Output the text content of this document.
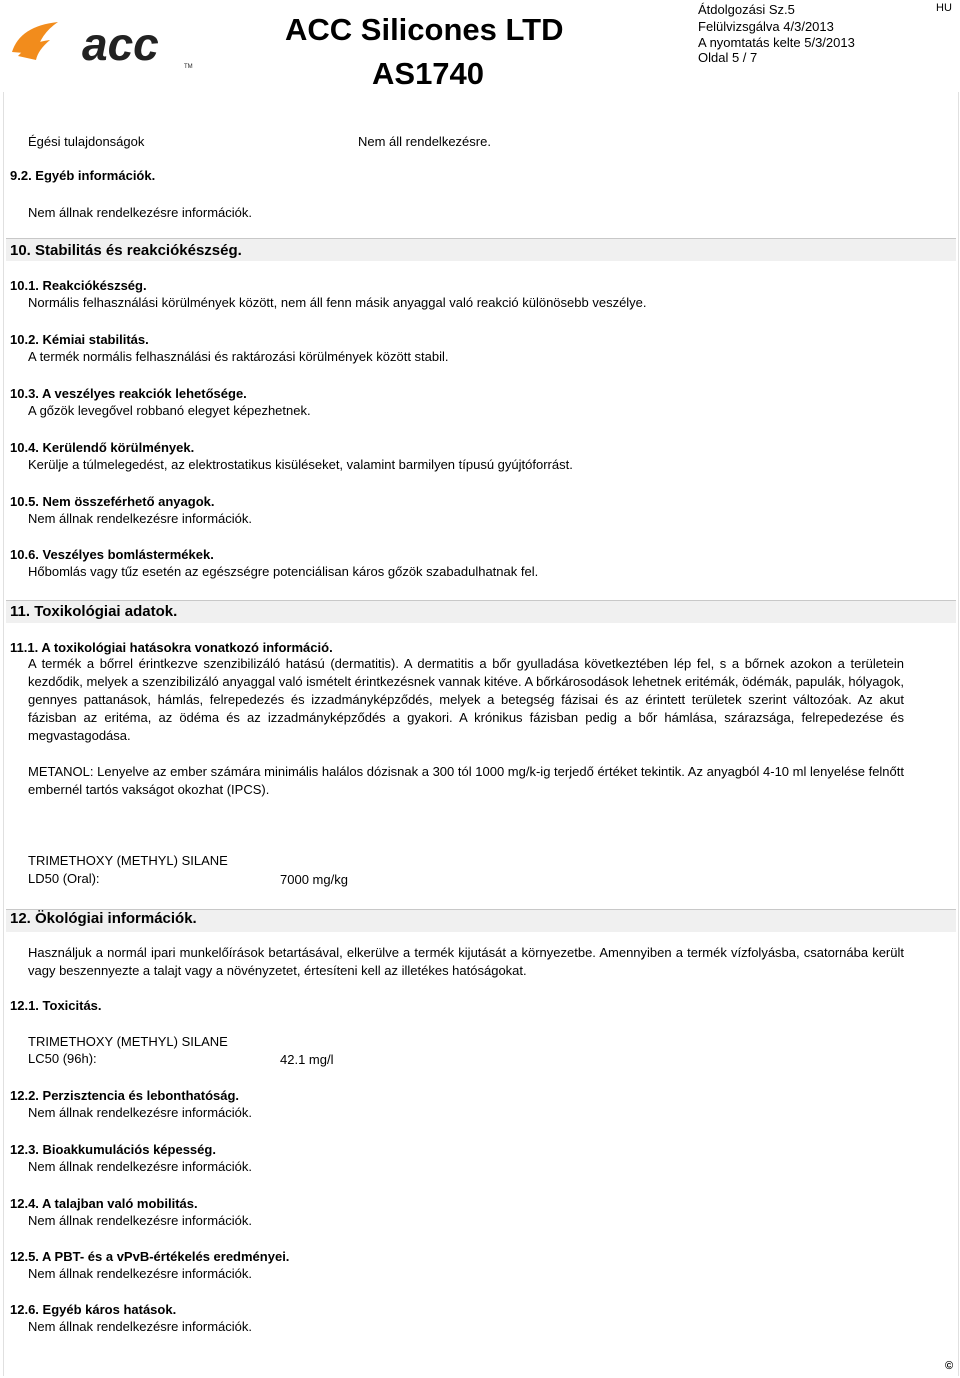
acc	TM
ACC Silicones LTD
AS1740
Átdolgozási Sz.5
Felülvizsgálva 4/3/2013
A nyomtatás kelte 5/3/2013
Oldal 5 / 7
HU
Égési tulajdonságok	Nem áll rendelkezésre.
9.2. Egyéb információk.
Nem állnak rendelkezésre információk.
10. Stabilitás és reakciókészség.
10.1. Reakciókészség.
Normális felhasználási körülmények között, nem áll fenn másik anyaggal való reakció különösebb veszélye.
10.2. Kémiai stabilitás.
A termék normális felhasználási és raktározási körülmények között stabil.
10.3. A veszélyes reakciók lehetősége.
A gőzök levegővel robbanó elegyet képezhetnek.
10.4. Kerülendő körülmények.
Kerülje a túlmelegedést, az elektrostatikus kisüléseket, valamint barmilyen típusú gyújtóforrást.
10.5. Nem összeférhető anyagok.
Nem állnak rendelkezésre információk.
10.6. Veszélyes bomlástermékek.
Hőbomlás vagy tűz esetén az egészségre potenciálisan káros gőzök szabadulhatnak fel.
11. Toxikológiai adatok.
11.1. A toxikológiai hatásokra vonatkozó információ.
A termék a bőrrel érintkezve szenzibilizáló hatású (dermatitis). A dermatitis a bőr gyulladása következtében lép fel, s a bőrnek azokon a területein kezdődik, melyek a szenzibilizáló anyaggal való ismételt érintkezésnek vannak kitéve. A bőrkárosodások lehetnek eritémák, ödémák, papulák, hólyagok, gennyes pattanások, hámlás, felrepedezés és izzadmányképződés, melyek a betegség fázisai és az érintett területek szerint változóak. Az akut fázisban az eritéma, az ödéma és az izzadmányképződés a gyakori. A krónikus fázisban pedig a bőr hámlása, szárazsága, felrepedezése és megvastagodása.
METANOL: Lenyelve az ember számára minimális halálos dózisnak a 300 tól 1000 mg/k-ig terjedő értéket tekintik. Az anyagból 4-10 ml lenyelése felnőtt embernél tartós vakságot okozhat (IPCS).
TRIMETHOXY (METHYL) SILANE
LD50 (Oral):	7000 mg/kg
12. Ökológiai információk.
Használjuk a normál ipari munkelőírások betartásával, elkerülve a termék kijutását a környezetbe. Amennyiben a termék vízfolyásba, csatornába került vagy beszennyezte a talajt vagy a növényzetet, értesíteni kell az illetékes hatóságokat.
12.1. Toxicitás.
TRIMETHOXY (METHYL) SILANE
LC50 (96h):	42.1 mg/l
12.2. Perzisztencia és lebonthatóság.
Nem állnak rendelkezésre információk.
12.3. Bioakkumulációs képesség.
Nem állnak rendelkezésre információk.
12.4. A talajban való mobilitás.
Nem állnak rendelkezésre információk.
12.5. A PBT- és a vPvB-értékelés eredményei.
Nem állnak rendelkezésre információk.
12.6. Egyéb káros hatások.
Nem állnak rendelkezésre információk.
©
